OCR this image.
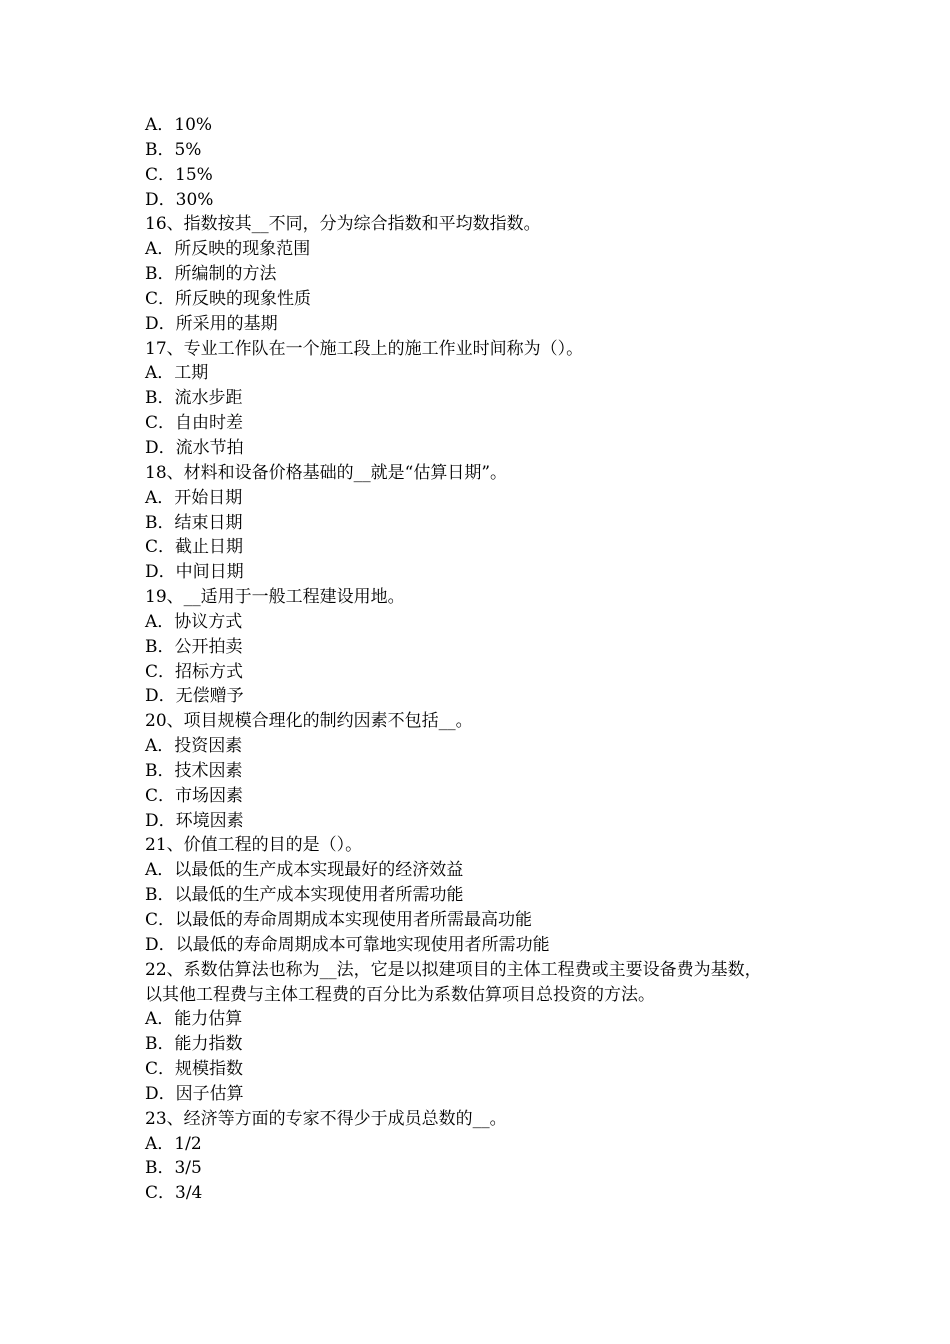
A．10%
B．5%
C．15%
D．30%
16、指数按其__不同，分为综合指数和平均数指数。
A．所反映的现象范围
B．所编制的方法
C．所反映的现象性质
D．所采用的基期
17、专业工作队在一个施工段上的施工作业时间称为（）。
A．工期
B．流水步距
C．自由时差
D．流水节拍
18、材料和设备价格基础的__就是“估算日期”。
A．开始日期
B．结束日期
C．截止日期
D．中间日期
19、__适用于一般工程建设用地。
A．协议方式
B．公开拍卖
C．招标方式
D．无偿赠予
20、项目规模合理化的制约因素不包括__。
A．投资因素
B．技术因素
C．市场因素
D．环境因素
21、价值工程的目的是（）。
A．以最低的生产成本实现最好的经济效益
B．以最低的生产成本实现使用者所需功能
C．以最低的寿命周期成本实现使用者所需最高功能
D．以最低的寿命周期成本可靠地实现使用者所需功能
22、系数估算法也称为__法，它是以拟建项目的主体工程费或主要设备费为基数，
以其他工程费与主体工程费的百分比为系数估算项目总投资的方法。
A．能力估算
B．能力指数
C．规模指数
D．因子估算
23、经济等方面的专家不得少于成员总数的__。
A．1/2
B．3/5
C．3/4
